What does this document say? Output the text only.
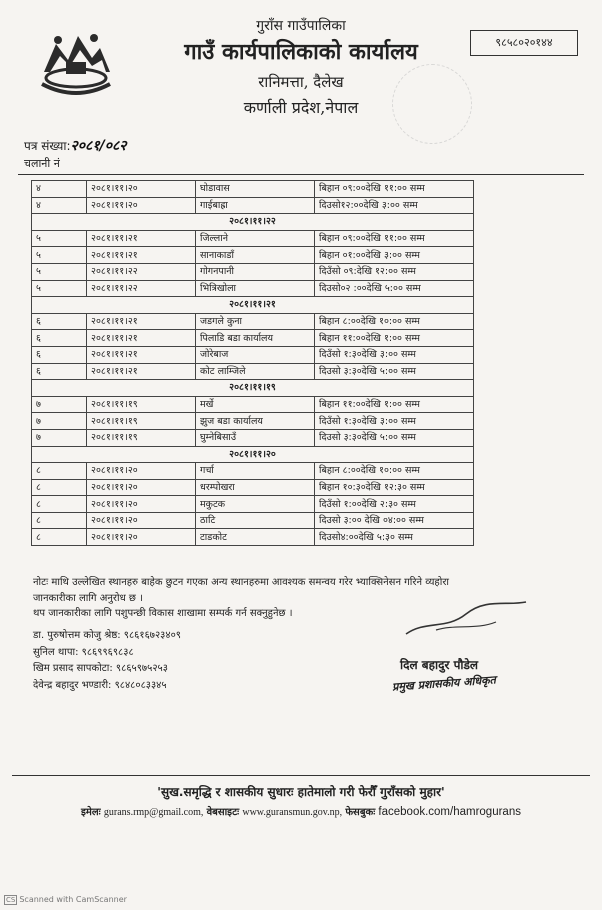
गुराँस गाउँपालिका
गाउँ कार्यपालिकाको कार्यालय
रानिमत्ता, दैलेख
कर्णाली प्रदेश,नेपाल
९८५८०२०१४४
पत्र संख्या:२०८१/०८२
चलानी नं
४	२०८१।११।२०	घोडावास	बिहान ०९:००देखि ११:०० सम्म
४	२०८१।११।२०	गाईबाह्रा	दिउसो१२:००देखि ३:०० सम्म
२०८१।११।२२			
५	२०८१।११।२१	जिल्लाने	बिहान ०९:००देखि ११:०० सम्म
५	२०८१।११।२१	सानाकाडाँ	बिहान ०१:००देखि ३:०० सम्म
५	२०८१।११।२२	गोगनपानी	दिउँसो ०९:देखि १२:०० सम्म
५	२०८१।११।२२	भित्रिखोला	दिउसो०२ :००देखि ५:०० सम्म
२०८१।११।२१			
६	२०८१।११।२१	जडगले कुना	बिहान ८:००देखि १०:०० सम्म
६	२०८१।११।२१	पिलाडि बडा कार्यालय	बिहान ११:००देखि १:०० सम्म
६	२०८१।११।२१	जोरेबाज	दिउँसो १:३०देखि ३:०० सम्म
६	२०८१।११।२१	कोट लाम्जिले	दिउसो ३:३०देखि ५:०० सम्म
२०८१।११।१९			
७	२०८१।११।१९	मर्खे	बिहान ११:००देखि १:०० सम्म
७	२०८१।११।१९	झुज बडा कार्यालय	दिउँसो १:३०देखि ३:०० सम्म
७	२०८१।११।१९	घुम्नेबिसाउँ	दिउसो ३:३०देखि ५:०० सम्म
२०८१।११।२०			
८	२०८१।११।२०	गर्चा	बिहान ८:००देखि १०:०० सम्म
८	२०८१।११।२०	धरम्पोखरा	बिहान १०:३०देखि १२:३० सम्म
८	२०८१।११।२०	मकुटक	दिउँसो १:००देखि २:३० सम्म
८	२०८१।११।२०	ठाटि	दिउसो ३:०० देखि ०४:०० सम्म
८	२०८१।११।२०	टाडकोट	दिउसो४:००देखि ५:३० सम्म
नोटः माथि उल्लेखित स्थानहरु बाहेक छुटन गएका अन्य स्थानहरुमा आवश्यक समन्वय गरेर भ्याक्सिनेसन गरिने व्यहोरा
जानकारीका लागि अनुरोध छ ।
थप जानकारीका लागि पशुपन्छी विकास शाखामा सम्पर्क गर्न सक्नुहुनेछ ।
डा. पुरुषोत्तम कोजु श्रेष्ठ: ९८६१६७२३४०९
सुनिल थापा: ९८६९९६९८३८
खिम प्रसाद सापकोटा: ९८६५९७५२५३
देवेन्द्र बहादुर भण्डारी: ९८४८०८३३४५
दिल बहादुर पौडेल
प्रमुख प्रशासकीय अधिकृत
'सुख.समृद्धि र शासकीय सुधारः हातेमालो गरी फेरौँ गुराँसको मुहार'
इमेलः gurans.rmp@gmail.com, वेबसाइटः www.guransmun.gov.np, फेसबुकः facebook.com/hamrogurans
CS Scanned with CamScanner
